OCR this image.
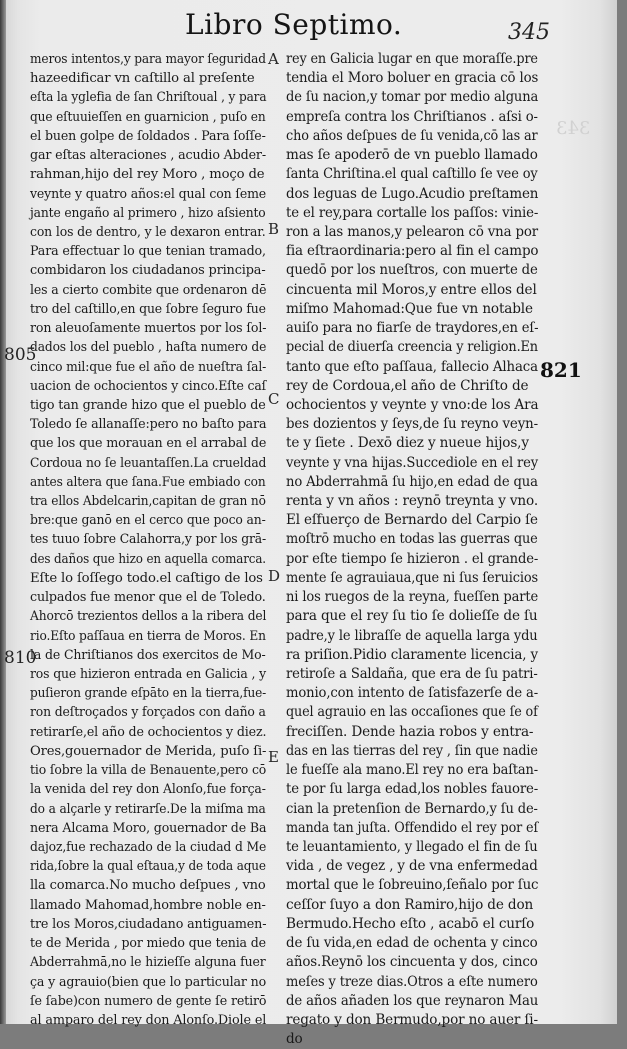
Libro Septimo.	345
343
meros intentos,y para mayor ſeguridad
hazeedificar vn caſtillo al preſente
eſta la yglefia de ſan Chriſtoual , y para
que eſtuuieſſen en guarnicion , puſo en
el buen golpe de ſoldados . Para ſoſſe-
gar eſtas alteraciones , acudio Abder-
rahman,hijo del rey Moro , moço de
veynte y quatro años:el qual con ſeme
jante engaño al primero , hizo aſsiento
con los de dentro, y le dexaron entrar.
Para effectuar lo que tenian tramado,
combidaron los ciudadanos principa-
les a cierto combite que ordenaron dē
tro del caſtillo,en que ſobre ſeguro fue
ron aleuoſamente muertos por los ſol-
dados los del pueblo , haſta numero de
cinco mil:que fue el año de nueſtra ſal-
uacion de ochocientos y cinco.Eſte caſ
tigo tan grande hizo que el pueblo de
Toledo ſe allanaſſe:pero no baſto para
que los que morauan en el arrabal de
Cordoua no ſe leuantaſſen.La crueldad
antes altera que ſana.Fue embiado con
tra ellos Abdelcarin,capitan de gran nō
bre:que ganō en el cerco que poco an-
tes tuuo ſobre Calahorra,y por los grā-
des daños que hizo en aquella comarca.
Eſte lo ſoſſego todo.el caſtigo de los
culpados fue menor que el de Toledo.
Ahorcō trezientos dellos a la ribera del
rio.Eſto paſſaua en tierra de Moros. En
la de Chriſtianos dos exercitos de Mo-
ros que hizieron entrada en Galicia , y
puſieron grande eſpāto en la tierra,fue-
ron deſtroçados y forçados con daño a
retirarſe,el año de ochocientos y diez.
Ores,gouernador de Merida, puſo ſi-
tio ſobre la villa de Benauente,pero cō
la venida del rey don Alonſo,fue força-
do a alçarle y retirarſe.De la miſma ma
nera Alcama Moro, gouernador de Ba
dajoz,fue rechazado de la ciudad d Me
rida,ſobre la qual eſtaua,y de toda aque
lla comarca.No mucho deſpues , vno
llamado Mahomad,hombre noble en-
tre los Moros,ciudadano antiguamen-
te de Merida , por miedo que tenia de
Abderrahmā,no le hizieſſe alguna fuer
ça y agrauio(bien que lo particular no
ſe ſabe)con numero de gente ſe retirō
al amparo del rey don Alonſo.Diole el
rey en Galicia lugar en que moraſſe.pre
tendia el Moro boluer en gracia cō los
de ſu nacion,y tomar por medio alguna
empreſa contra los Chriſtianos . aſsi o-
cho años deſpues de ſu venida,cō las ar
mas ſe apoderō de vn pueblo llamado
ſanta Chriſtina.el qual caſtillo ſe vee oy
dos leguas de Lugo.Acudio preſtamen
te el rey,para cortalle los paſſos: vinie-
ron a las manos,y pelearon cō vna por
fia eſtraordinaria:pero al fin el campo
quedō por los nueſtros, con muerte de
cincuenta mil Moros,y entre ellos del
miſmo Mahomad:Que fue vn notable
auiſo para no fiarſe de traydores,en eſ-
pecial de diuerſa creencia y religion.En
tanto que eſto paſſaua, fallecio Alhaca
rey de Cordoua,el año de Chriſto de
ochocientos y veynte y vno:de los Ara
bes dozientos y ſeys,de ſu reyno veyn-
te y ſiete . Dexō diez y nueue hijos,y
veynte y vna hijas.Succediole en el rey
no Abderrahmā ſu hijo,en edad de qua
renta y vn años : reynō treynta y vno.
El eſfuerço de Bernardo del Carpio ſe
moſtrō mucho en todas las guerras que
por eſte tiempo ſe hizieron . el grande-
mente ſe agrauiaua,que ni ſus ſeruicios
ni los ruegos de la reyna, fueſſen parte
para que el rey ſu tio ſe dolieſſe de ſu
padre,y le libraſſe de aquella larga ydu
ra priſion.Pidio claramente licencia, y
retiroſe a Saldaña, que era de ſu patri-
monio,con intento de ſatisfazerſe de a-
quel agrauio en las occaſiones que ſe of
freciſſen. Dende hazia robos y entra-
das en las tierras del rey , ſin que nadie
le fueſſe ala mano.El rey no era baſtan-
te por ſu larga edad,los nobles fauore-
cian la pretenſion de Bernardo,y ſu de-
manda tan juſta. Offendido el rey por eſ
te leuantamiento, y llegado el fin de ſu
vida , de vegez , y de vna enfermedad
mortal que le ſobreuino,ſeñalo por ſuc
ceſſor ſuyo a don Ramiro,hijo de don
Bermudo.Hecho eſto , acabō el curſo
de ſu vida,en edad de ochenta y cinco
años.Reynō los cincuenta y dos, cinco
meſes y treze dias.Otros a eſte numero
de años añaden los que reynaron Mau
regato y don Bermudo,por no auer ſi-
do
A
B
C
D
E
805
810
821
